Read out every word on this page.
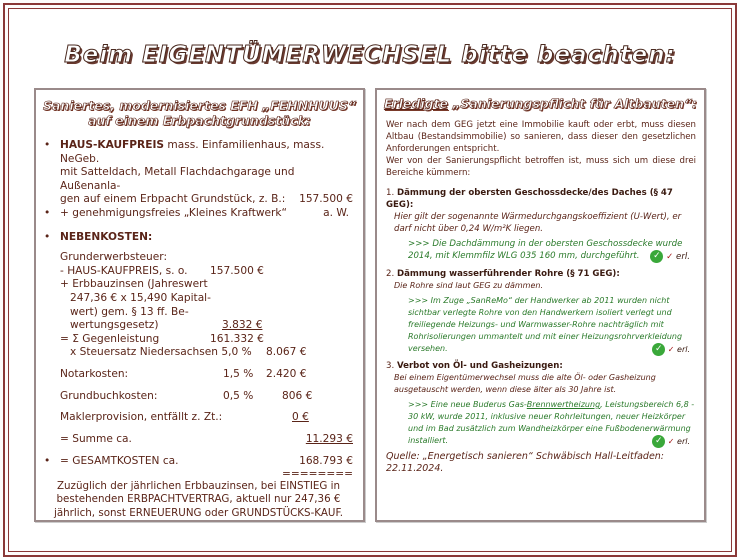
Beim EIGENTÜMERWECHSEL bitte beachten:
Saniertes, modernisiertes EFH „FEHNHUUS“
auf einem Erbpachtgrundstück:
• HAUS-KAUFPREIS mass. Einfamilienhaus, mass. NeGeb.
mit Satteldach, Metall Flachdachgarage und Außenanla-
gen auf einem Erbpacht Grundstück, z. B.:	157.500 €
• + genehmigungsfreies „Kleines Kraftwerk“	a. W.
• NEBENKOSTEN:
Grunderwerbsteuer:
- HAUS-KAUFPREIS, s. o. 157.500 €
+ Erbbauzinsen (Jahreswert
247,36 € x 15,490 Kapital-
wert) gem. § 13 ff. Be-
wertungsgesetz)	3.832 €
= Σ Gegenleistung	161.332 €
x Steuersatz Niedersachsen 5,0 % 8.067 €
Notarkosten:	1,5 % 2.420 €
Grundbuchkosten:	0,5 %	806 €
Maklerprovision, entfällt z. Zt.:	0 €
= Summe ca.	11.293 €
• = GESAMTKOSTEN ca.	168.793 €
========
Zuzüglich der jährlichen Erbbauzinsen, bei EINSTIEG in bestehenden ERBPACHTVERTRAG, aktuell nur 247,36 € jährlich, sonst ERNEUERUNG oder GRUNDSTÜCKS-KAUF.
Erledigte „Sanierungspflicht für Altbauten“:
Wer nach dem GEG jetzt eine Immobilie kauft oder erbt, muss diesen Altbau (Bestandsimmobilie) so sanieren, dass dieser den gesetzlichen Anforderungen entspricht.
Wer von der Sanierungspflicht betroffen ist, muss sich um diese drei Bereiche kümmern:
1. Dämmung der obersten Geschossdecke/des Daches (§ 47 GEG):
Hier gilt der sogenannte Wärmedurchgangskoeffizient (U-Wert), er darf nicht über 0,24 W/m²K liegen.
>>> Die Dachdämmung in der obersten Geschossdecke wurde 2014, mit Klemmfilz WLG 035 160 mm, durchgeführt.	✓ ✓ erl.
2. Dämmung wasserführender Rohre (§ 71 GEG):
Die Rohre sind laut GEG zu dämmen.
>>> Im Zuge „SanReMo“ der Handwerker ab 2011 wurden nicht sichtbar verlegte Rohre von den Handwerkern isoliert verlegt und freiliegende Heizungs- und Warmwasser-Rohre nachträglich mit Rohrisolierungen ummantelt und mit einer Heizungsrohrverkleidung versehen.	✓ ✓ erl.
3. Verbot von Öl- und Gasheizungen:
Bei einem Eigentümerwechsel muss die alte Öl- oder Gasheizung ausgetauscht werden, wenn diese älter als 30 Jahre ist.
>>> Eine neue Buderus Gas-Brennwertheizung, Leistungsbereich 6,8 - 30 kW, wurde 2011, inklusive neuer Rohrleitungen, neuer Heizkörper und im Bad zusätzlich zum Wandheizkörper eine Fußbodenerwärmung installiert.	✓ ✓ erl.
Quelle: „Energetisch sanieren“ Schwäbisch Hall-Leitfaden: 22.11.2024.
